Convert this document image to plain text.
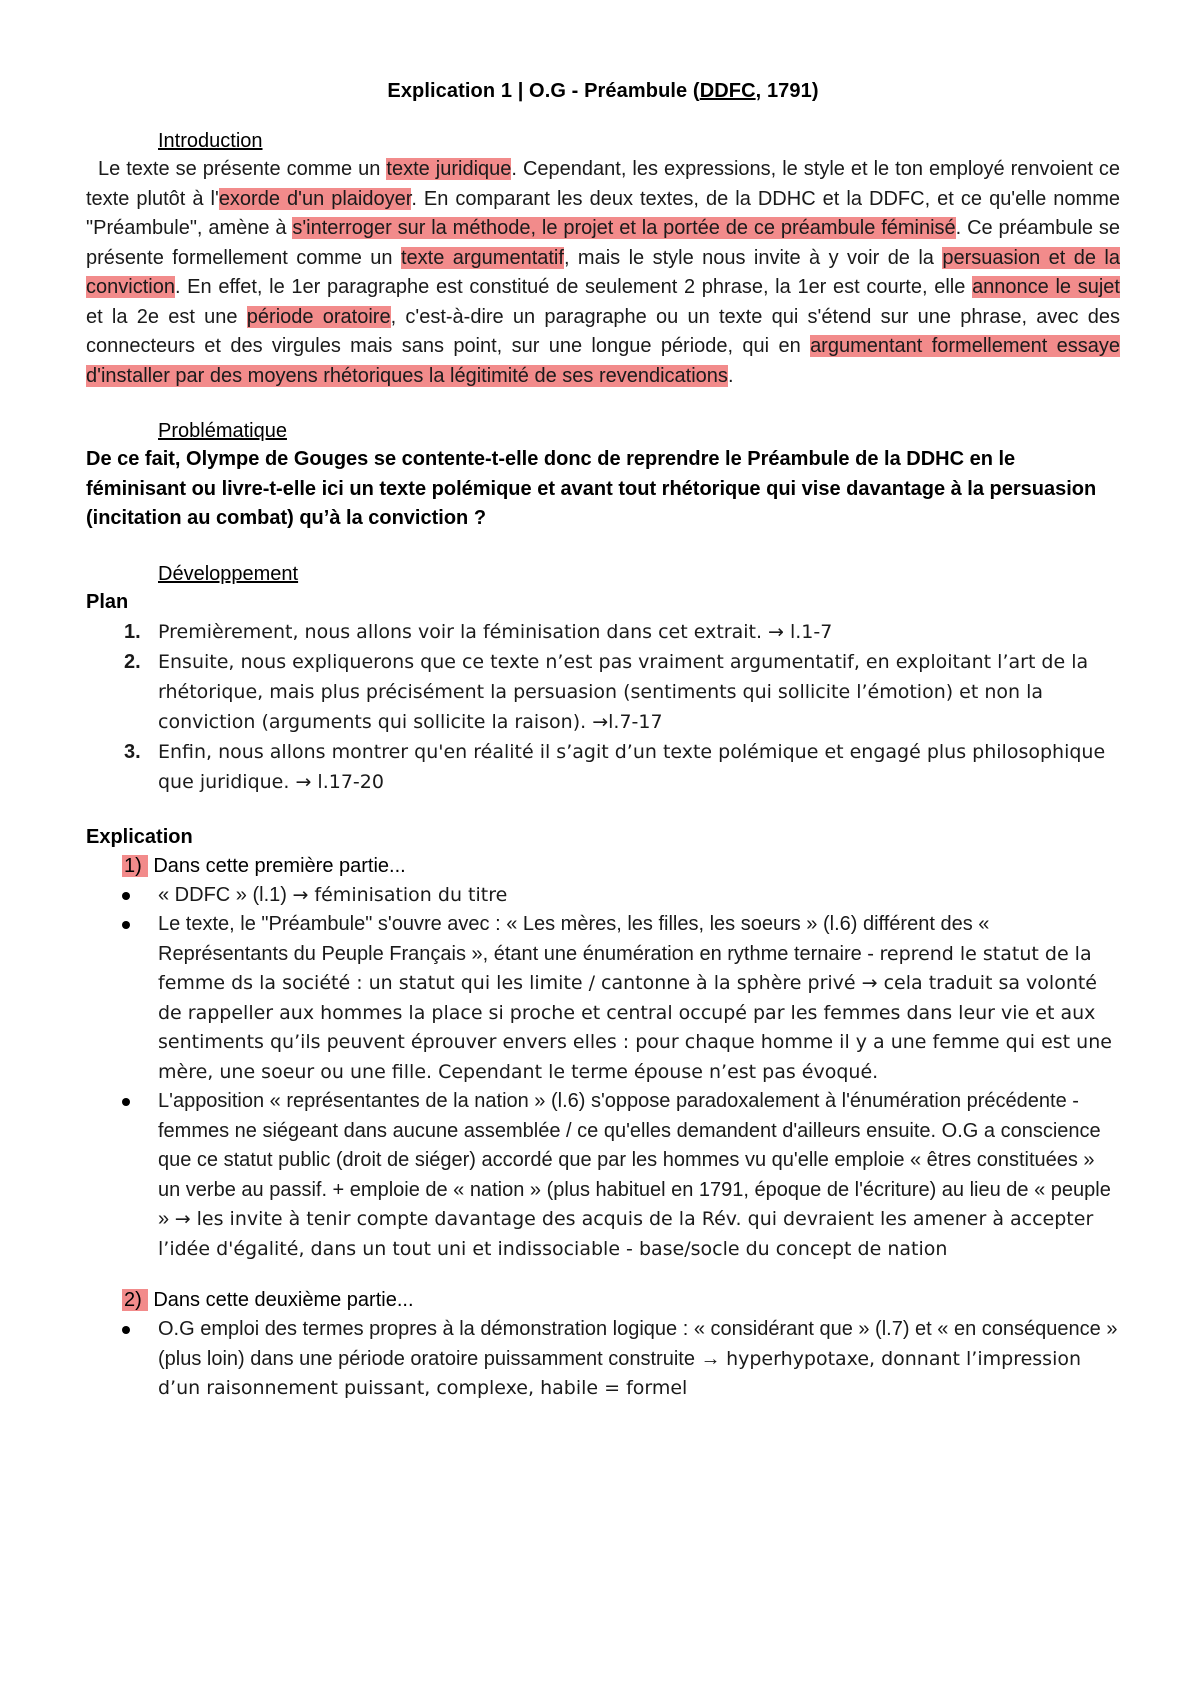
Explication 1 | O.G - Préambule (DDFC, 1791)

Introduction

Le texte se présente comme un texte juridique. Cependant, les expressions, le style et le ton employé renvoient ce texte plutôt à l'exorde d'un plaidoyer. En comparant les deux textes, de la DDHC et la DDFC, et ce qu'elle nomme "Préambule", amène à s'interroger sur la méthode, le projet et la portée de ce préambule féminisé. Ce préambule se présente formellement comme un texte argumentatif, mais le style nous invite à y voir de la persuasion et de la conviction. En effet, le 1er paragraphe est constitué de seulement 2 phrase, la 1er est courte, elle annonce le sujet et la 2e est une période oratoire, c'est-à-dire un paragraphe ou un texte qui s'étend sur une phrase, avec des connecteurs et des virgules mais sans point, sur une longue période, qui en argumentant formellement essaye d'installer par des moyens rhétoriques la légitimité de ses revendications.

Problématique

De ce fait, Olympe de Gouges se contente-t-elle donc de reprendre le Préambule de la DDHC en le féminisant ou livre-t-elle ici un texte polémique et avant tout rhétorique qui vise davantage à la persuasion (incitation au combat) qu’à la conviction ?

Développement

Plan

1. Premièrement, nous allons voir la féminisation dans cet extrait. → l.1-7
2. Ensuite, nous expliquerons que ce texte n’est pas vraiment argumentatif, en exploitant l’art de la rhétorique, mais plus précisément la persuasion (sentiments qui sollicite l’émotion) et non la conviction (arguments qui sollicite la raison). →l.7-17
3. Enfin, nous allons montrer qu'en réalité il s’agit d’un texte polémique et engagé plus philosophique que juridique. → l.17-20

Explication

1) Dans cette première partie...

« DDFC » (l.1) → féminisation du titre
Le texte, le "Préambule" s'ouvre avec : « Les mères, les filles, les soeurs » (l.6) différent des « Représentants du Peuple Français », étant une énumération en rythme ternaire - reprend le statut de la femme ds la société : un statut qui les limite / cantonne à la sphère privé → cela traduit sa volonté de rappeller aux hommes la place si proche et central occupé par les femmes dans leur vie et aux sentiments qu’ils peuvent éprouver envers elles : pour chaque homme il y a une femme qui est une mère, une soeur ou une fille. Cependant le terme épouse n’est pas évoqué.
L'apposition « représentantes de la nation » (l.6) s'oppose paradoxalement à l'énumération précédente - femmes ne siégeant dans aucune assemblée / ce qu'elles demandent d'ailleurs ensuite. O.G a conscience que ce statut public (droit de siéger) accordé que par les hommes vu qu'elle emploie « êtres constituées » un verbe au passif. + emploie de « nation » (plus habituel en 1791, époque de l'écriture) au lieu de « peuple » → les invite à tenir compte davantage des acquis de la Rév. qui devraient les amener à accepter l’idée d'égalité, dans un tout uni et indissociable - base/socle du concept de nation

2) Dans cette deuxième partie...

O.G emploi des termes propres à la démonstration logique : « considérant que » (l.7) et « en conséquence » (plus loin) dans une période oratoire puissamment construite → hyperhypotaxe, donnant l’impression d’un raisonnement puissant, complexe, habile = formel
